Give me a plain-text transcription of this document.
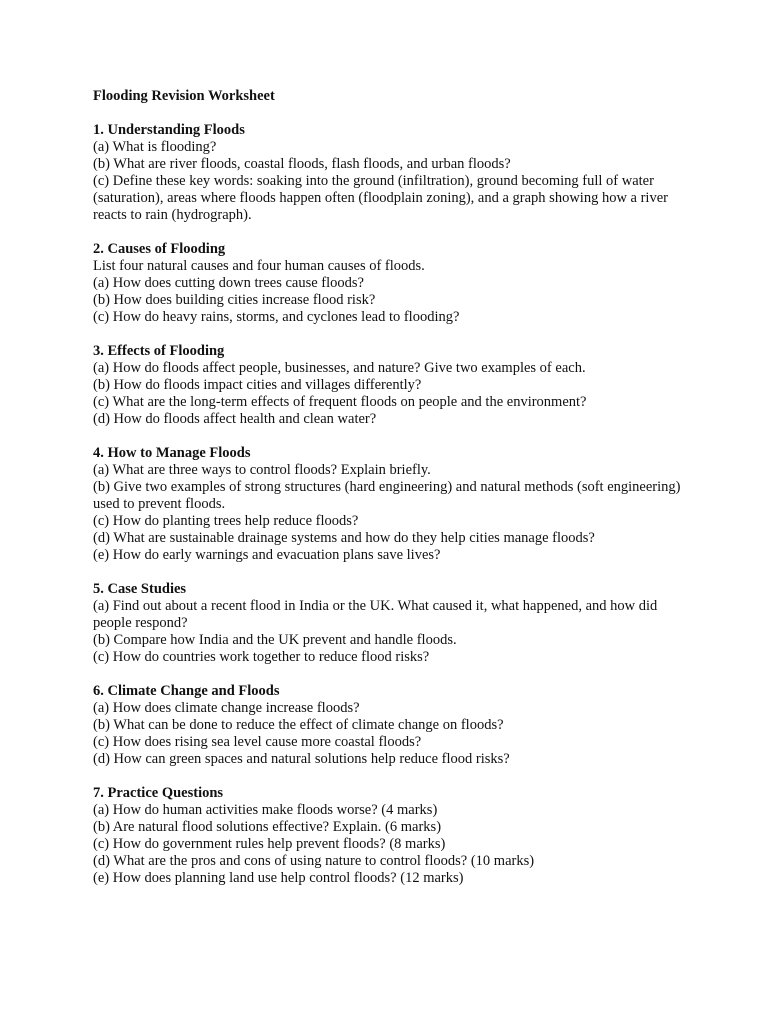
Flooding Revision Worksheet

1. Understanding Floods

(a) What is flooding?

(b) What are river floods, coastal floods, flash floods, and urban floods?

(c) Define these key words: soaking into the ground (infiltration), ground becoming full of water (saturation), areas where floods happen often (floodplain zoning), and a graph showing how a river reacts to rain (hydrograph).

2. Causes of Flooding

List four natural causes and four human causes of floods.

(a) How does cutting down trees cause floods?

(b) How does building cities increase flood risk?

(c) How do heavy rains, storms, and cyclones lead to flooding?

3. Effects of Flooding

(a) How do floods affect people, businesses, and nature? Give two examples of each.

(b) How do floods impact cities and villages differently?

(c) What are the long-term effects of frequent floods on people and the environment?

(d) How do floods affect health and clean water?

4. How to Manage Floods

(a) What are three ways to control floods? Explain briefly.

(b) Give two examples of strong structures (hard engineering) and natural methods (soft engineering) used to prevent floods.

(c) How do planting trees help reduce floods?

(d) What are sustainable drainage systems and how do they help cities manage floods?

(e) How do early warnings and evacuation plans save lives?

5. Case Studies

(a) Find out about a recent flood in India or the UK. What caused it, what happened, and how did people respond?

(b) Compare how India and the UK prevent and handle floods.

(c) How do countries work together to reduce flood risks?

6. Climate Change and Floods

(a) How does climate change increase floods?

(b) What can be done to reduce the effect of climate change on floods?

(c) How does rising sea level cause more coastal floods?

(d) How can green spaces and natural solutions help reduce flood risks?

7. Practice Questions

(a) How do human activities make floods worse? (4 marks)

(b) Are natural flood solutions effective? Explain. (6 marks)

(c) How do government rules help prevent floods? (8 marks)

(d) What are the pros and cons of using nature to control floods? (10 marks)

(e) How does planning land use help control floods? (12 marks)
